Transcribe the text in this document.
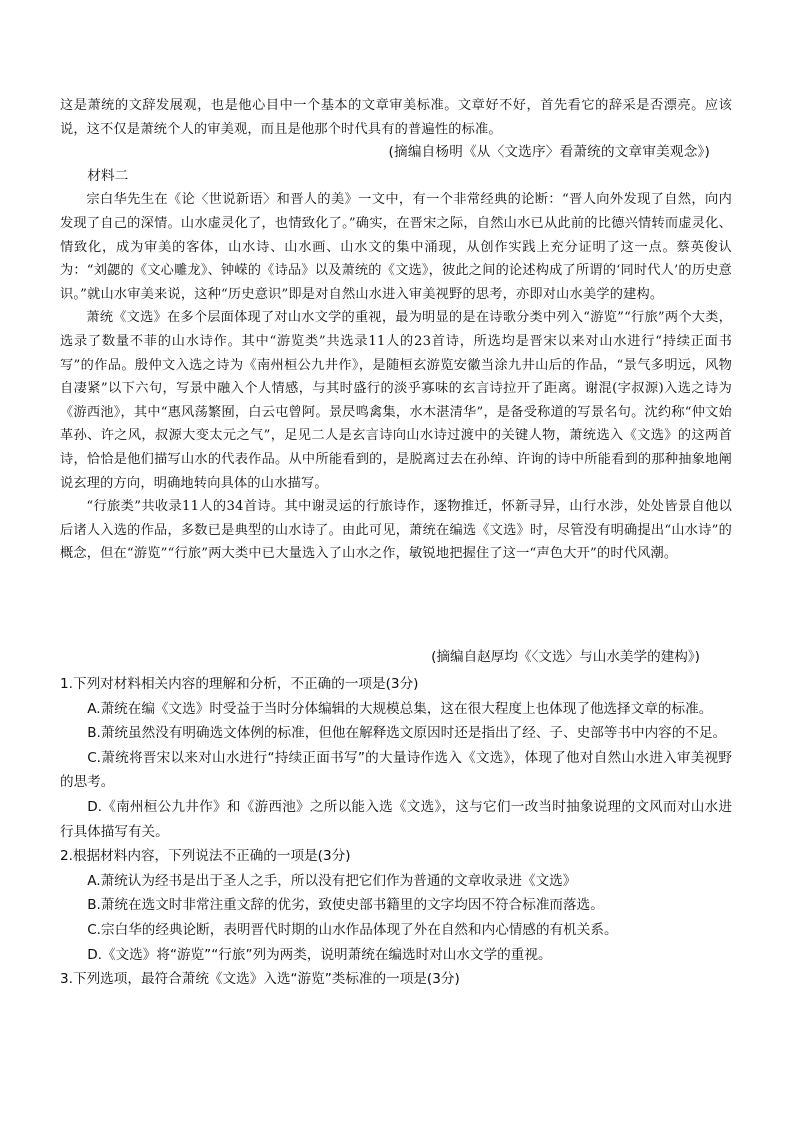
这是萧统的文辞发展观，也是他心目中一个基本的文章审美标准。文章好不好，首先看它的辞采是否漂亮。应该说，这不仅是萧统个人的审美观，而且是他那个时代具有的普遍性的标准。

(摘编自杨明《从〈文选序〉看萧统的文章审美观念》)

材料二

宗白华先生在《论〈世说新语〉和晋人的美》一文中，有一个非常经典的论断：“晋人向外发现了自然，向内发现了自己的深情。山水虚灵化了，也情致化了。”确实，在晋宋之际，自然山水已从此前的比德兴情转而虚灵化、情致化，成为审美的客体，山水诗、山水画、山水文的集中涌现，从创作实践上充分证明了这一点。蔡英俊认为：“刘勰的《文心雕龙》、钟嵘的《诗品》以及萧统的《文选》，彼此之间的论述构成了所谓的‘同时代人’的历史意识。”就山水审美来说，这种“历史意识”即是对自然山水进入审美视野的思考，亦即对山水美学的建构。

萧统《文选》在多个层面体现了对山水文学的重视，最为明显的是在诗歌分类中列入“游览”“行旅”两个大类，选录了数量不菲的山水诗作。其中“游览类”共选录11人的23首诗，所选均是晋宋以来对山水进行“持续正面书写”的作品。殷仲文入选之诗为《南州桓公九井作》，是随桓玄游览安徽当涂九井山后的作品，“景气多明远，风物自凄紧”以下六句，写景中融入个人情感，与其时盛行的淡乎寡味的玄言诗拉开了距离。谢混(字叔源)入选之诗为《游西池》，其中“惠风荡繁囿，白云屯曾阿。景昃鸣禽集，水木湛清华”，是备受称道的写景名句。沈约称“仲文始革孙、许之风，叔源大变太元之气”，足见二人是玄言诗向山水诗过渡中的关键人物，萧统选入《文选》的这两首诗，恰恰是他们描写山水的代表作品。从中所能看到的，是脱离过去在孙绰、许询的诗中所能看到的那种抽象地阐说玄理的方向，明确地转向具体的山水描写。

“行旅类”共收录11人的34首诗。其中谢灵运的行旅诗作，逐物推迁，怀新寻异，山行水涉，处处皆景自他以后诸人入选的作品，多数已是典型的山水诗了。由此可见，萧统在编选《文选》时，尽管没有明确提出“山水诗”的概念，但在“游览”“行旅”两大类中已大量选入了山水之作，敏锐地把握住了这一“声色大开”的时代风潮。

(摘编自赵厚均《〈文选〉与山水美学的建构》)

1.下列对材料相关内容的理解和分析，不正确的一项是(3分)

A.萧统在编《文选》时受益于当时分体编辑的大规模总集，这在很大程度上也体现了他选择文章的标准。

B.萧统虽然没有明确选文体例的标准，但他在解释选文原因时还是指出了经、子、史部等书中内容的不足。

C.萧统将晋宋以来对山水进行“持续正面书写”的大量诗作选入《文选》，体现了他对自然山水进入审美视野的思考。

D.《南州桓公九井作》和《游西池》之所以能入选《文选》，这与它们一改当时抽象说理的文风而对山水进行具体描写有关。

2.根据材料内容，下列说法不正确的一项是(3分)

A.萧统认为经书是出于圣人之手，所以没有把它们作为普通的文章收录进《文选》

B.萧统在选文时非常注重文辞的优劣，致使史部书籍里的文字均因不符合标准而落选。

C.宗白华的经典论断，表明晋代时期的山水作品体现了外在自然和内心情感的有机关系。

D.《文选》将“游览”“行旅”列为两类，说明萧统在编选时对山水文学的重视。

3.下列选项，最符合萧统《文选》入选“游览”类标准的一项是(3分)
